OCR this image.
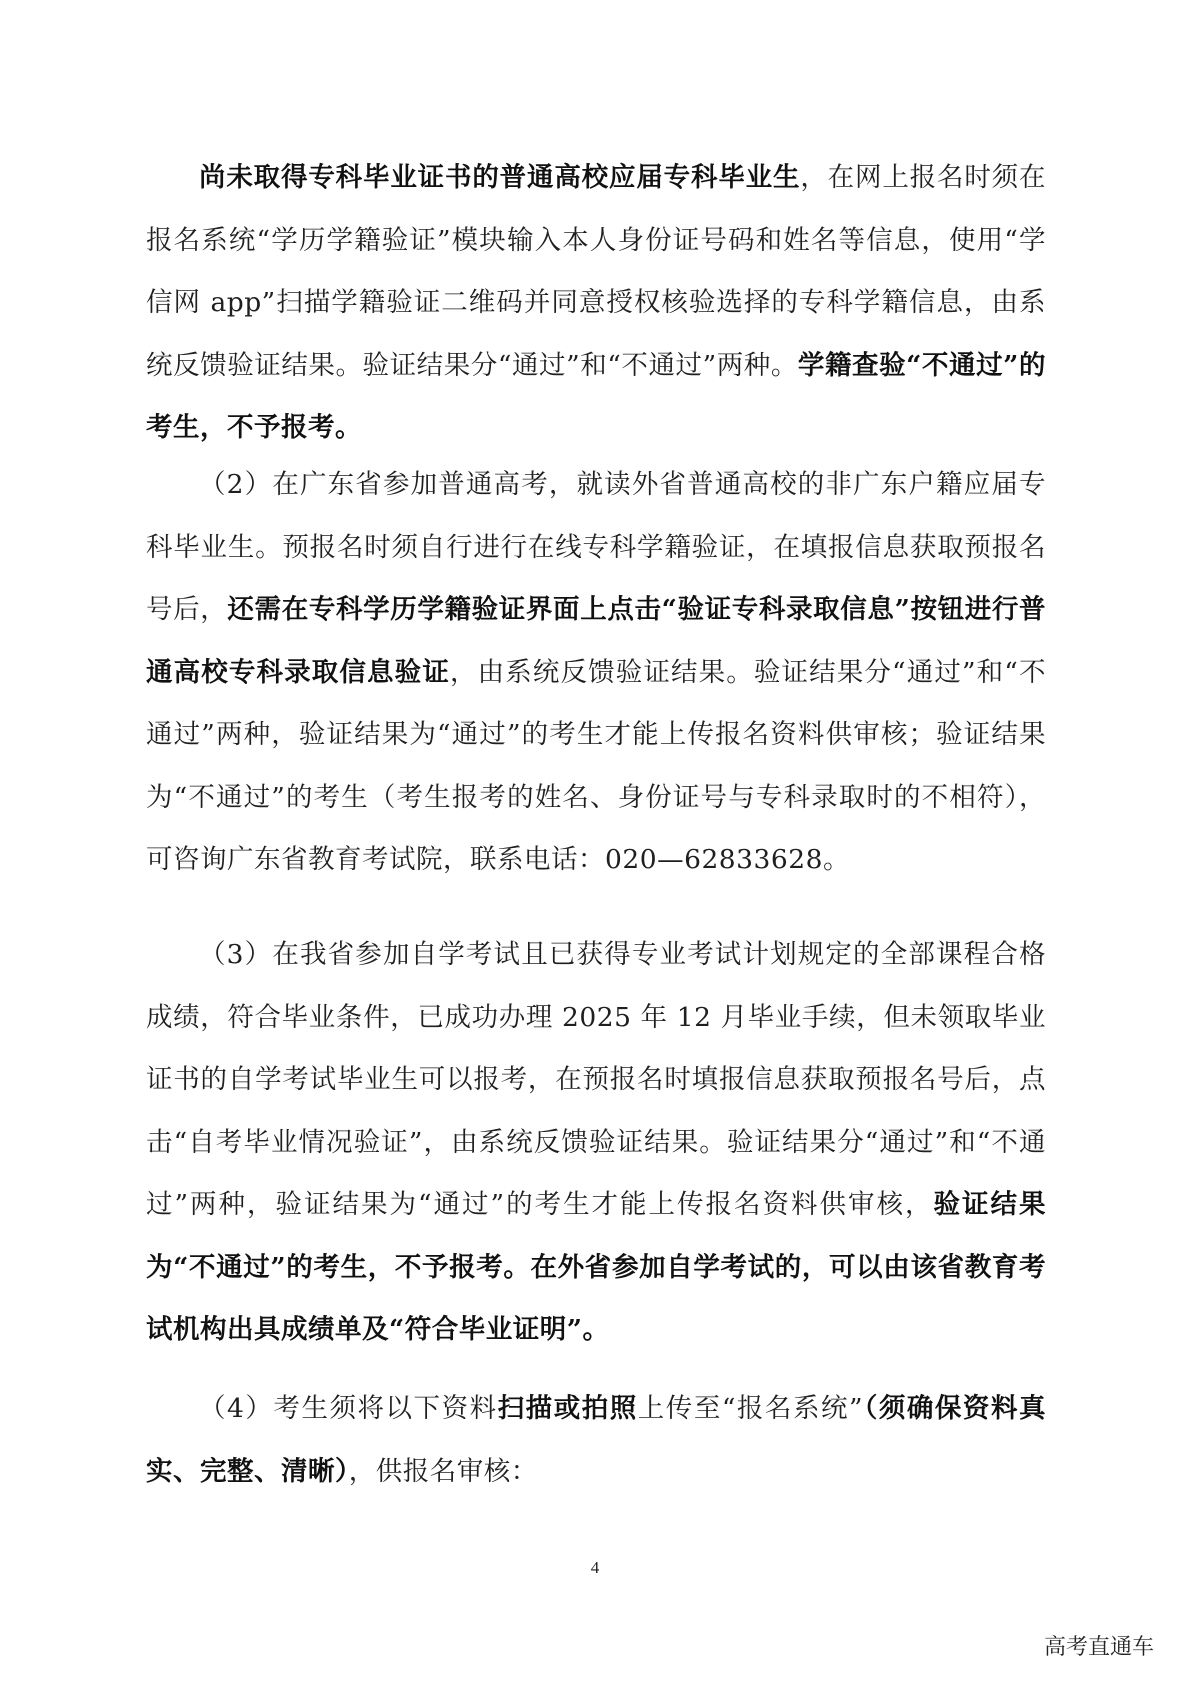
尚未取得专科毕业证书的普通高校应届专科毕业生，在网上报名时须在报名系统“学历学籍验证”模块输入本人身份证号码和姓名等信息，使用“学信网 app”扫描学籍验证二维码并同意授权核验选择的专科学籍信息，由系统反馈验证结果。验证结果分“通过”和“不通过”两种。学籍查验“不通过”的考生，不予报考。

（2）在广东省参加普通高考，就读外省普通高校的非广东户籍应届专科毕业生。预报名时须自行进行在线专科学籍验证，在填报信息获取预报名号后，还需在专科学历学籍验证界面上点击“验证专科录取信息”按钮进行普通高校专科录取信息验证，由系统反馈验证结果。验证结果分“通过”和“不通过”两种，验证结果为“通过”的考生才能上传报名资料供审核；验证结果为“不通过”的考生（考生报考的姓名、身份证号与专科录取时的不相符），可咨询广东省教育考试院，联系电话：020—62833628。

（3）在我省参加自学考试且已获得专业考试计划规定的全部课程合格成绩，符合毕业条件，已成功办理 2025 年 12 月毕业手续，但未领取毕业证书的自学考试毕业生可以报考，在预报名时填报信息获取预报名号后，点击“自考毕业情况验证”，由系统反馈验证结果。验证结果分“通过”和“不通过”两种，验证结果为“通过”的考生才能上传报名资料供审核，验证结果为“不通过”的考生，不予报考。在外省参加自学考试的，可以由该省教育考试机构出具成绩单及“符合毕业证明”。

（4）考生须将以下资料扫描或拍照上传至“报名系统”（须确保资料真实、完整、清晰），供报名审核：

4
高考直通车
